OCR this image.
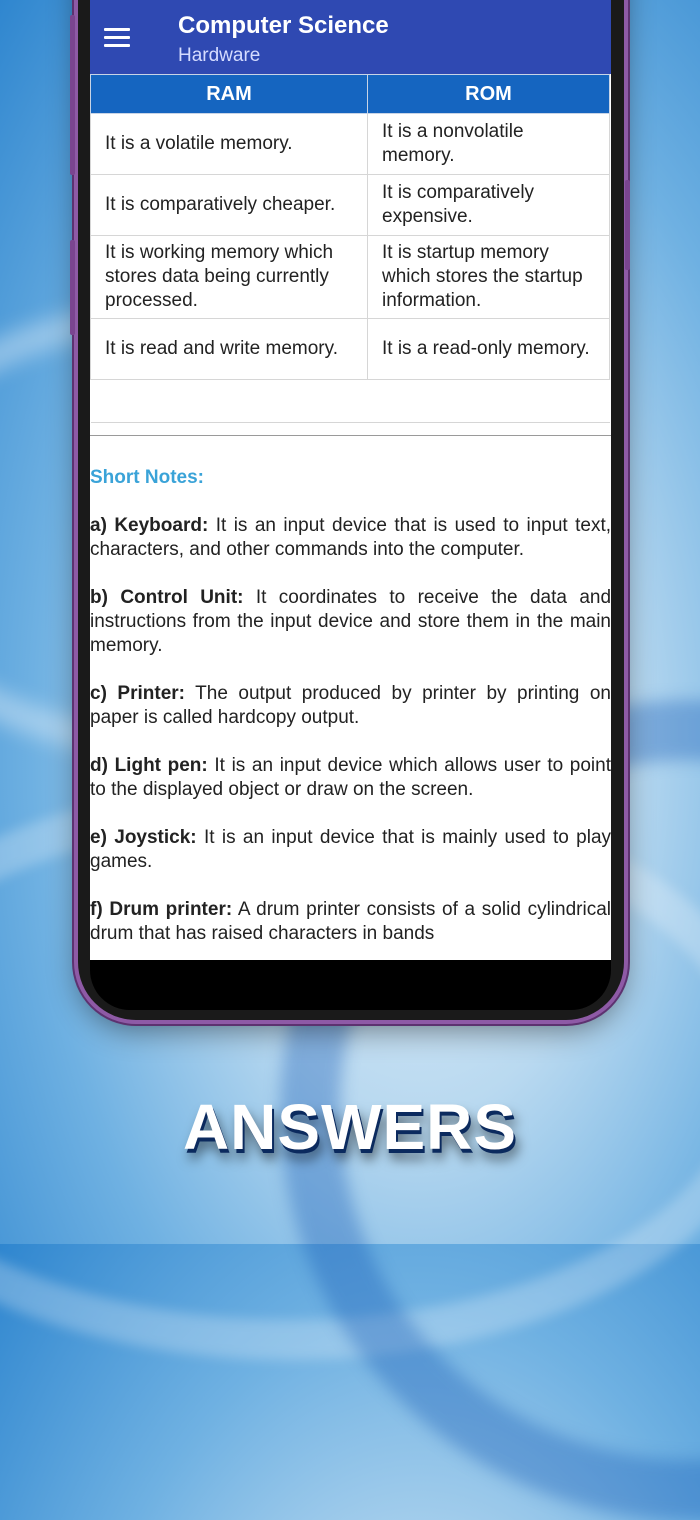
Computer Science
Hardware
RAM	ROM
It is a volatile memory.	It is a nonvolatile memory.
It is comparatively cheaper.	It is comparatively expensive.
It is working memory which stores data being currently processed.	It is startup memory which stores the startup information.
It is read and write memory.	It is a read-only memory.

Short Notes:

a) Keyboard: It is an input device that is used to input text, characters, and other commands into the computer.

b) Control Unit: It coordinates to receive the data and instructions from the input device and store them in the main memory.

c) Printer: The output produced by printer by printing on paper is called hardcopy output.

d) Light pen: It is an input device which allows user to point to the displayed object or draw on the screen.

e) Joystick: It is an input device that is mainly used to play games.

f) Drum printer: A drum printer consists of a solid cylindrical drum that has raised characters in bands

ANSWERS
